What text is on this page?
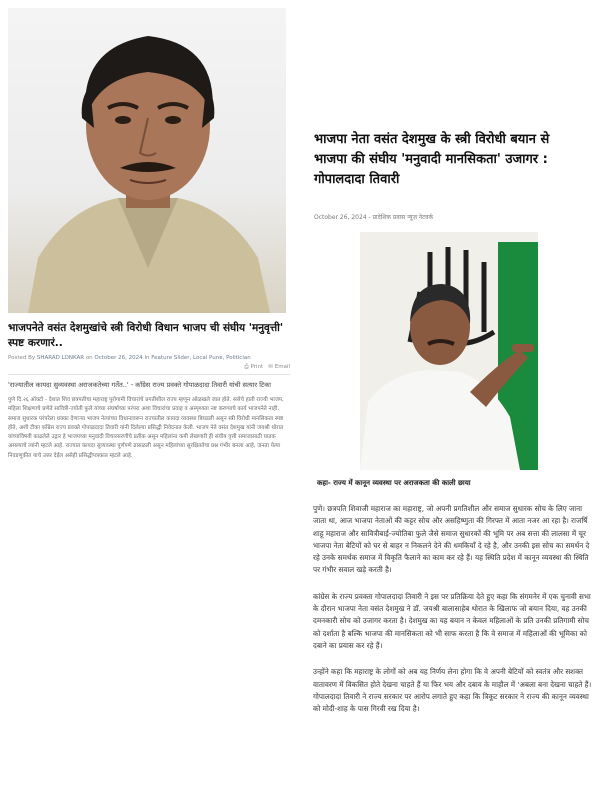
भाजपनेते वसंत देशमुखांचे स्त्री विरोधी विधान भाजप ची संघीय 'मनुवृत्ती' स्पष्ट करणारं..
Posted By SHARAD LONKAR on October 26, 2024 In Feature Slider, Local Pune, Politician
⎙ Print ✉ Email
'राज्यातील कायदा सुव्यवस्था अराजकतेच्या गर्तेत..' - काँग्रेस राज्य प्रवक्ते गोपाळदादा तिवारी यांची सत्यार टिका
पुणे दि.२६ ऑक्टो - देशात शिव छत्रपतीचा महाराष्ट्र पुरोगामी विचारांचे प्रगतीशील राज्य म्हणून ओळखले जात होते. सत्तेचे हाती राज्यी भाजप, महिला शिक्षणाचे प्रणेते सावित्री-ज्योती फुले यांच्या संघर्षाच्या परंपरा अशा विचारांचा प्रवाह व अस्पृश्यता नष्ट करण्याचे कार्य भाजपनेते नाही. समाज सुधारक परंपरेला धक्का देणाऱ्या भाजप नेत्यांच्या विधानावरून राज्यातील कायदा व्यवस्था बिघडली असून स्त्री विरोधी मानसिकता स्पष्ट होते, अशी टीका काँग्रेस राज्य प्रवक्ते गोपाळदादा तिवारी यांनी दिलेल्या प्रसिद्धी निवेदनात केली. भाजप नेते वसंत देशमुख यांनी जयश्री थोरात यांच्याविषयी काढलेले उद्गार हे भाजपच्या मनुवादी विचारसरणीचे प्रतीक असून महिलांना कमी लेखणारी ही संघीय वृत्ती समाजासाठी घातक असल्याचे त्यांनी म्हटले आहे. राज्यात कायदा सुव्यवस्था पूर्णपणे ढासळली असून महिलांच्या सुरक्षिततेचा प्रश्न गंभीर बनला आहे, जनता येत्या निवडणुकीत याचे उत्तर देईल असेही प्रसिद्धीपत्रकात म्हटले आहे.
भाजपा नेता वसंत देशमुख के स्त्री विरोधी बयान से भाजपा की संघीय 'मनुवादी मानसिकता' उजागर : गोपालदादा तिवारी
October 26, 2024 - प्रादेशिक प्रवास न्यूज़ नेटवर्क
कहा- राज्य में कानून व्यवस्था पर अराजकता की काली छाया

पुणे। छत्रपति शिवाजी महाराज का महाराष्ट्र, जो अपनी प्रगतिशील और समाज सुधारक सोच के लिए जाना जाता था, आज भाजपा नेताओं की कट्टर सोच और असहिष्णुता की गिरफ्त में आता नजर आ रहा है। राजर्षि शाहू महाराज और सावित्रीबाई-ज्योतिबा फुले जैसे समाज सुधारकों की भूमि पर अब सत्ता की लालसा में चूर भाजपा नेता बेटियों को घर से बाहर न निकलने देने की धमकियाँ दे रहे है, और उनकी इस सोच का समर्थन दे रहे उनके समर्थक समाज में विकृति फैलाने का काम कर रहे हैं। यह स्थिति प्रदेश में कानून व्यवस्था की स्थिति पर गंभीर सवाल खड़े करती है।

कांग्रेस के राज्य प्रवक्ता गोपालदादा तिवारी ने इस पर प्रतिक्रिया देते हुए कहा कि संगमनेर में एक चुनावी सभा के दौरान भाजपा नेता वसंत देशमुख ने डॉ. जयश्री बालासाहेब थोरात के खिलाफ जो बयान दिया, वह उनकी दमनकारी सोच को उजागर करता है। देशमुख का यह बयान न केवल महिलाओं के प्रति उनकी प्रतिगामी सोच को दर्शाता है बल्कि भाजपा की मानसिकता को भी साफ करता है कि वे समाज में महिलाओं की भूमिका को दबाने का प्रयास कर रहे हैं।

उन्होंने कहा कि महाराष्ट्र के लोगों को अब यह निर्णय लेना होगा कि वे अपनी बेटियों को स्वतंत्र और सशक्त वातावरण में विकसित होते देखना चाहते हैं या फिर भय और दबाव के माहौल में 'अबला बना देखना चाहते हैं। गोपालदादा तिवारी ने राज्य सरकार पर आरोप लगाते हुए कहा कि त्रिकूट सरकार ने राज्य की कानून व्यवस्था को मोदी-शाह के पास गिरवी रख दिया है।
